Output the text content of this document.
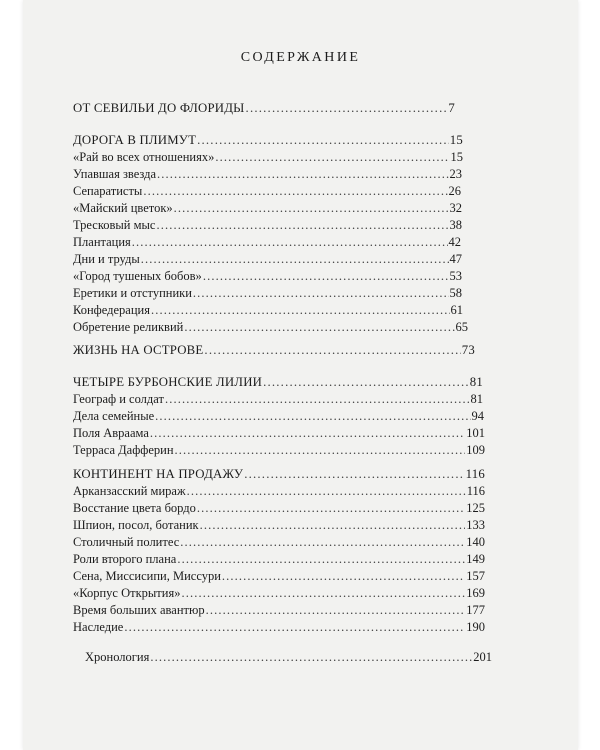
СОДЕРЖАНИЕ
ОТ СЕВИЛЬИ ДО ФЛОРИДЫ . . .	7
ДОРОГА В ПЛИМУТ . . .	15
«Рай во всех отношениях» . . .	15
Упавшая звезда . . .	23
Сепаратисты . . .	26
«Майский цветок» . . .	32
Тресковый мыс . . .	38
Плантация . . .	42
Дни и труды . . .	47
«Город тушеных бобов» . . .	53
Еретики и отступники . . .	58
Конфедерация . . .	61
Обретение реликвий . . .	65
ЖИЗНЬ НА ОСТРОВЕ . . .	73
ЧЕТЫРЕ БУРБОНСКИЕ ЛИЛИИ . . .	81
Географ и солдат . . .	81
Дела семейные . . .	94
Поля Авраама . . .	101
Терраса Дафферин . . .	109
КОНТИНЕНТ НА ПРОДАЖУ . . .	116
Арканзасский мираж . . .	116
Восстание цвета бордо . . .	125
Шпион, посол, ботаник . . .	133
Столичный политес . . .	140
Роли второго плана . . .	149
Сена, Миссисипи, Миссури . . .	157
«Корпус Открытия» . . .	169
Время больших авантюр . . .	177
Наследие . . .	190
Хронология . . .	201
